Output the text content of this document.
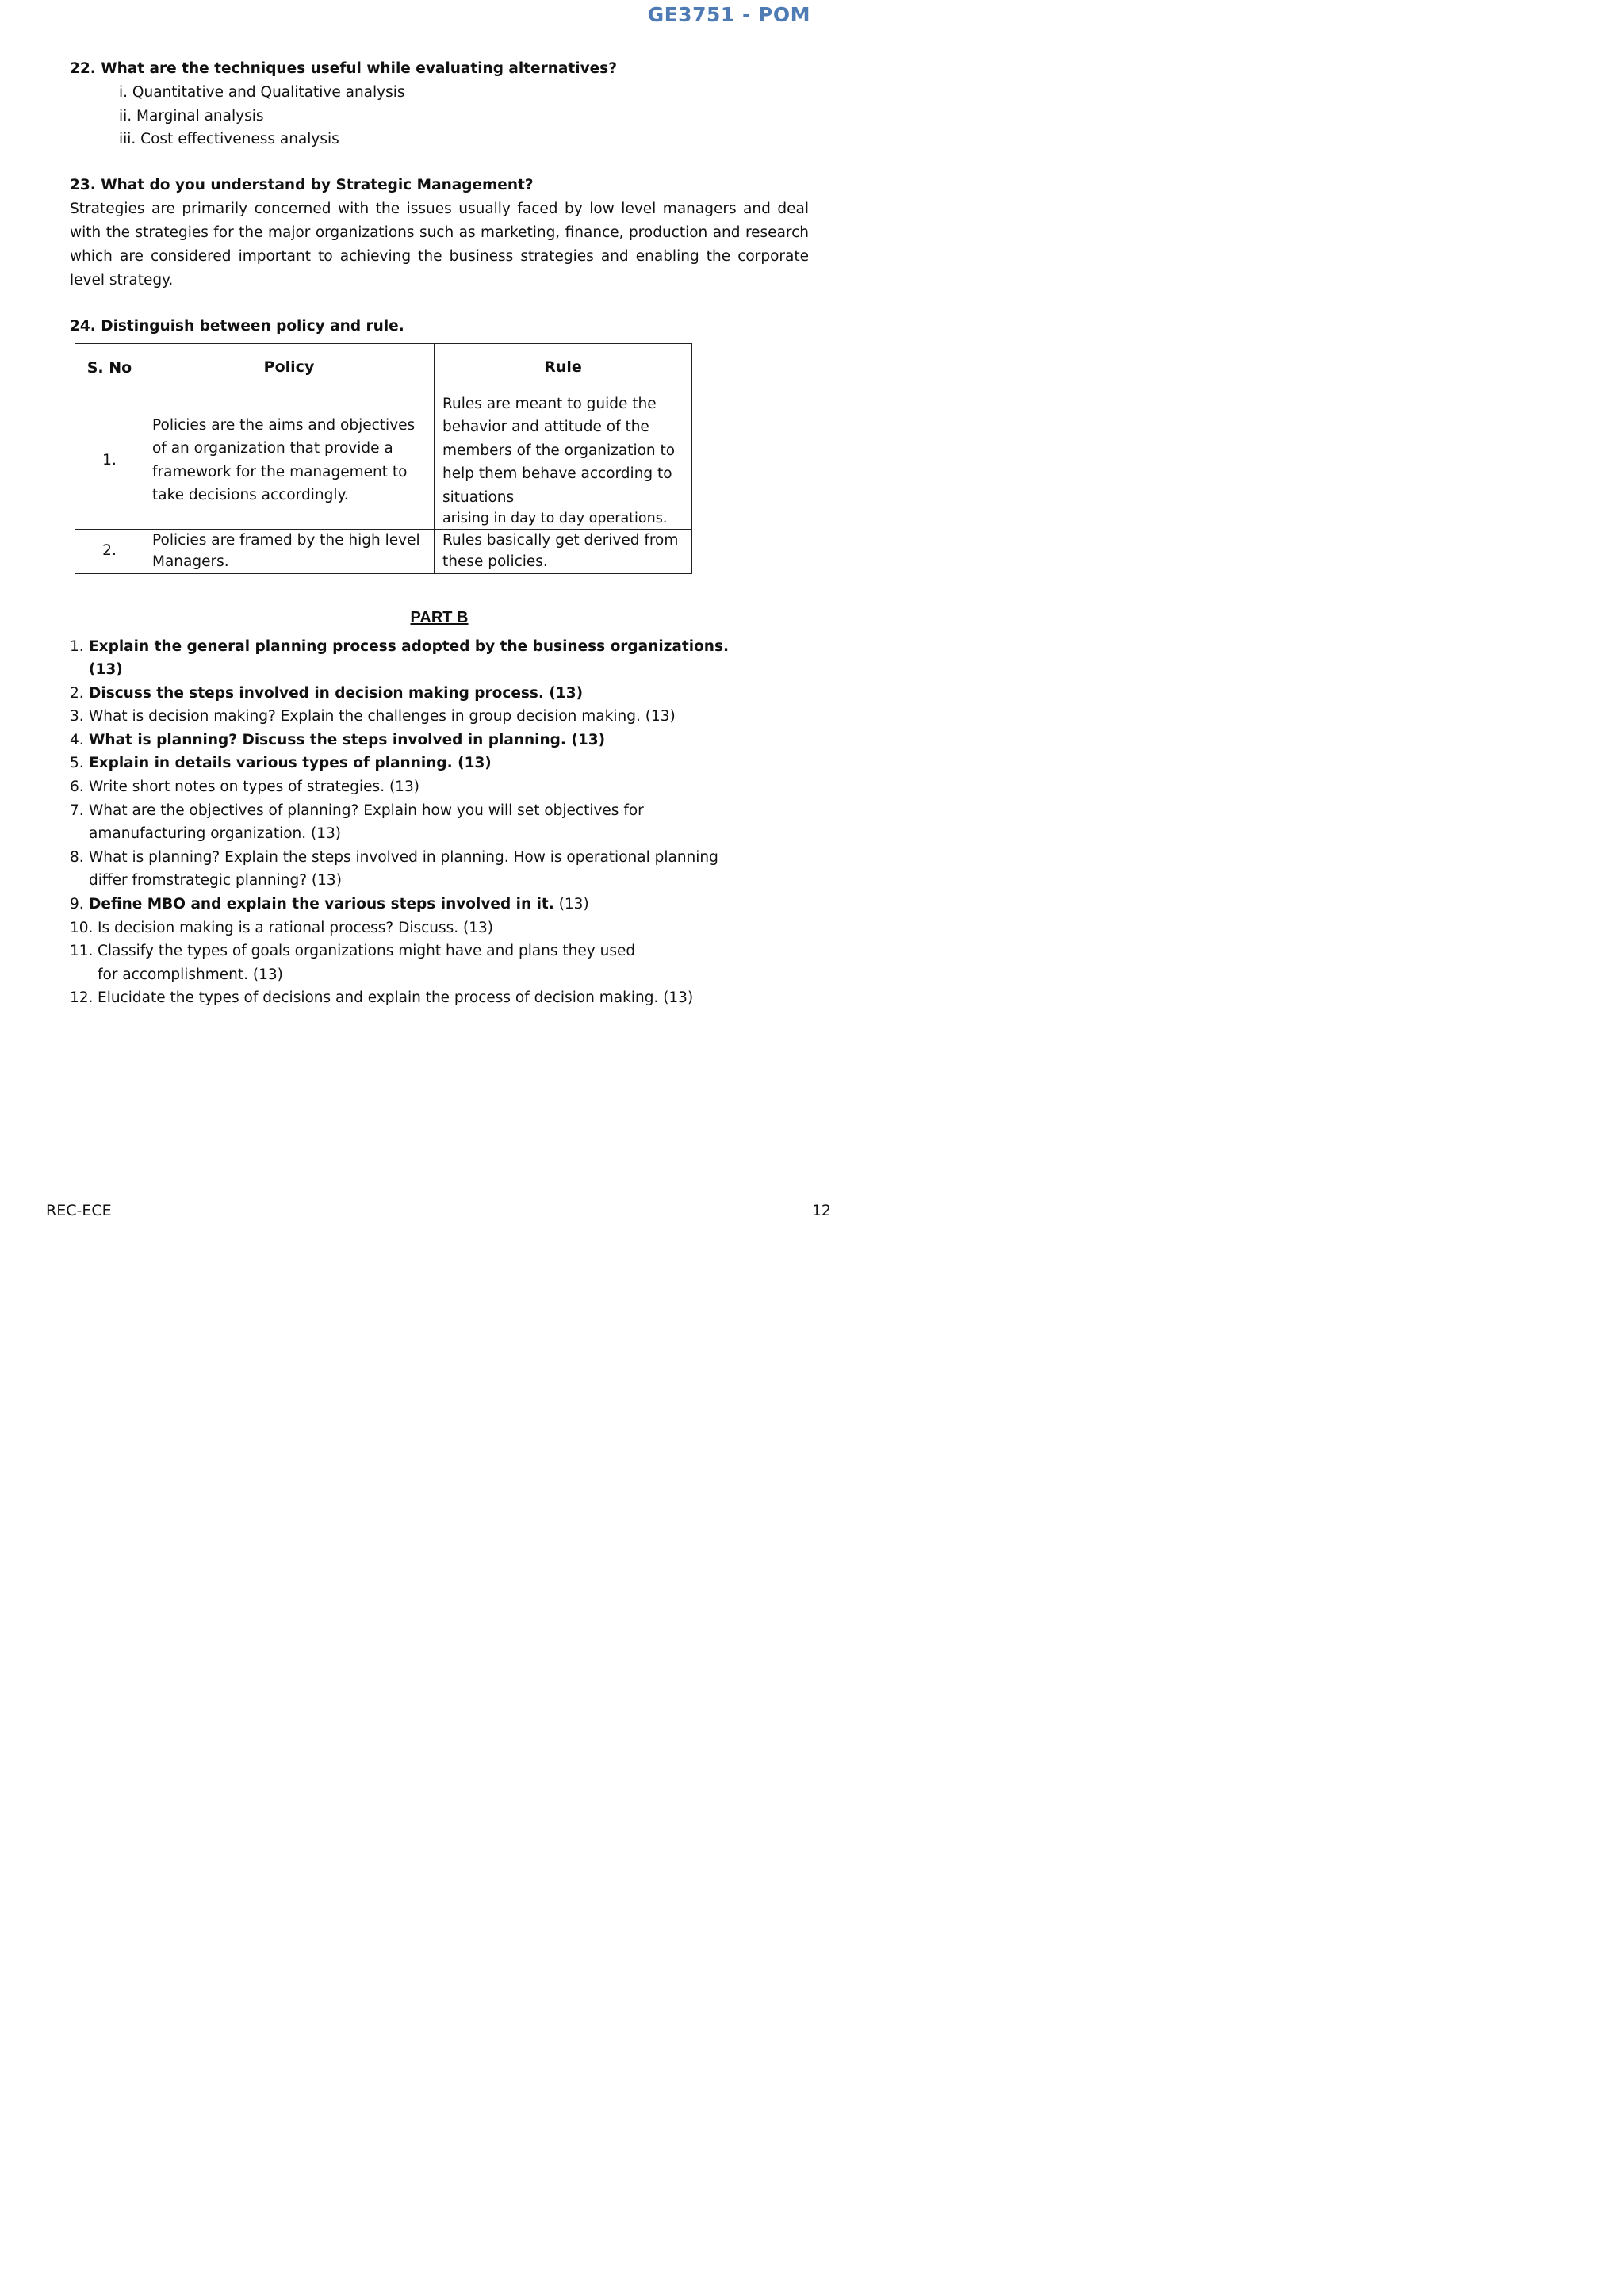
GE3751 - POM

22. What are the techniques useful while evaluating alternatives?

i. Quantitative and Qualitative analysis
ii. Marginal analysis
iii. Cost effectiveness analysis

23. What do you understand by Strategic Management?

Strategies are primarily concerned with the issues usually faced by low level managers and deal with the strategies for the major organizations such as marketing, finance, production and research which are considered important to achieving the business strategies and enabling the corporate level strategy.

24. Distinguish between policy and rule.

S. No	Policy	Rule
1.	Policies are the aims and objectives of an organization that provide a framework for the management to take decisions accordingly.	Rules are meant to guide the behavior and attitude of the members of the organization to help them behave according to situations
arising in day to day operations.

2.	Policies are framed by the high level Managers.	Rules basically get derived from these policies.
PART B
1. Explain the general planning process adopted by the business organizations. (13)
2. Discuss the steps involved in decision making process. (13)
3. What is decision making? Explain the challenges in group decision making. (13)
4. What is planning? Discuss the steps involved in planning. (13)
5. Explain in details various types of planning. (13)
6. Write short notes on types of strategies. (13)
7. What are the objectives of planning? Explain how you will set objectives for amanufacturing organization. (13)
8. What is planning? Explain the steps involved in planning. How is operational planning differ fromstrategic planning? (13)
9. Define MBO and explain the various steps involved in it. (13)
10. Is decision making is a rational process? Discuss. (13)
11. Classify the types of goals organizations might have and plans they used for accomplishment. (13)
12. Elucidate the types of decisions and explain the process of decision making. (13)
REC-ECE	12
